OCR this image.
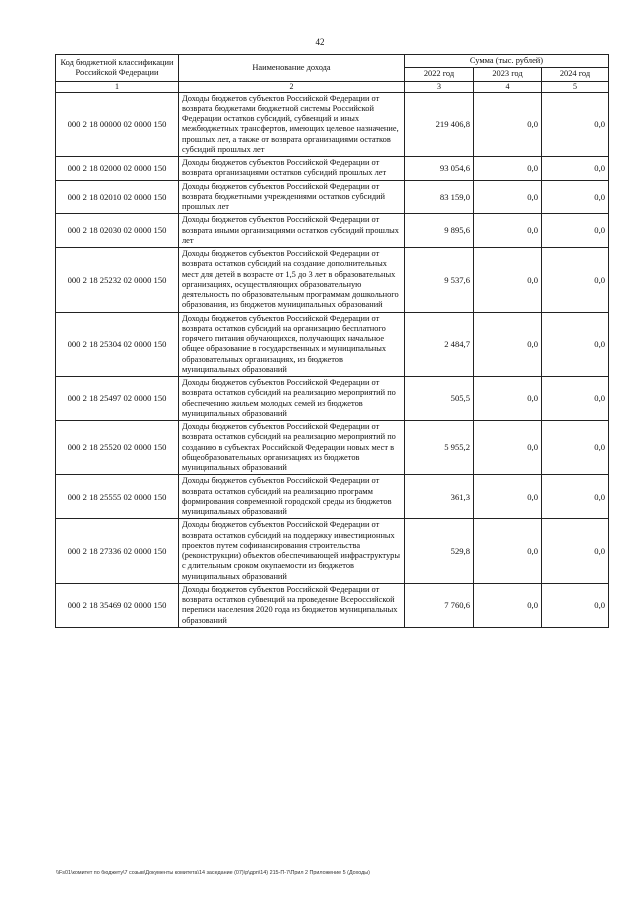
42
Код бюджетной классификации Российской Федерации	Наименование дохода	Сумма (тыс. рублей)		
		2022 год	2023 год	2024 год
1	2	3	4	5
000 2 18 00000 02 0000 150	Доходы бюджетов субъектов Российской Федерации от возврата бюджетами бюджетной системы Российской Федерации остатков субсидий, субвенций и иных межбюджетных трансфертов, имеющих целевое назначение, прошлых лет, а также от возврата организациями остатков субсидий прошлых лет	219 406,8	0,0	0,0
000 2 18 02000 02 0000 150	Доходы бюджетов субъектов Российской Федерации от возврата организациями остатков субсидий прошлых лет	93 054,6	0,0	0,0
000 2 18 02010 02 0000 150	Доходы бюджетов субъектов Российской Федерации от возврата бюджетными учреждениями остатков субсидий прошлых лет	83 159,0	0,0	0,0
000 2 18 02030 02 0000 150	Доходы бюджетов субъектов Российской Федерации от возврата иными организациями остатков субсидий прошлых лет	9 895,6	0,0	0,0
000 2 18 25232 02 0000 150	Доходы бюджетов субъектов Российской Федерации от возврата остатков субсидий на создание дополнительных мест для детей в возрасте от 1,5 до 3 лет в образовательных организациях, осуществляющих образовательную деятельность по образовательным программам дошкольного образования, из бюджетов муниципальных образований	9 537,6	0,0	0,0
000 2 18 25304 02 0000 150	Доходы бюджетов субъектов Российской Федерации от возврата остатков субсидий на организацию бесплатного горячего питания обучающихся, получающих начальное общее образование в государственных и муниципальных образовательных организациях, из бюджетов муниципальных образований	2 484,7	0,0	0,0
000 2 18 25497 02 0000 150	Доходы бюджетов субъектов Российской Федерации от возврата остатков субсидий на реализацию мероприятий по обеспечению жильем молодых семей из бюджетов муниципальных образований	505,5	0,0	0,0
000 2 18 25520 02 0000 150	Доходы бюджетов субъектов Российской Федерации от возврата остатков субсидий на реализацию мероприятий по созданию в субъектах Российской Федерации новых мест в общеобразовательных организациях из бюджетов муниципальных образований	5 955,2	0,0	0,0
000 2 18 25555 02 0000 150	Доходы бюджетов субъектов Российской Федерации от возврата остатков субсидий на реализацию программ формирования современной городской среды из бюджетов муниципальных образований	361,3	0,0	0,0
000 2 18 27336 02 0000 150	Доходы бюджетов субъектов Российской Федерации от возврата остатков субсидий на поддержку инвестиционных проектов путем софинансирования строительства (реконструкции) объектов обеспечивающей инфраструктуры с длительным сроком окупаемости из бюджетов муниципальных образований	529,8	0,0	0,0
000 2 18 35469 02 0000 150	Доходы бюджетов субъектов Российской Федерации от возврата остатков субвенций на проведение Всероссийской переписи населения 2020 года из бюджетов муниципальных образований	7 760,6	0,0	0,0
\\Fs01\комитет по бюджету\7 созыв\Документы комитета\14 заседание (07)\р\дрп\14) 215-П-7\Прил 2 Приложение 5 (Доходы)
